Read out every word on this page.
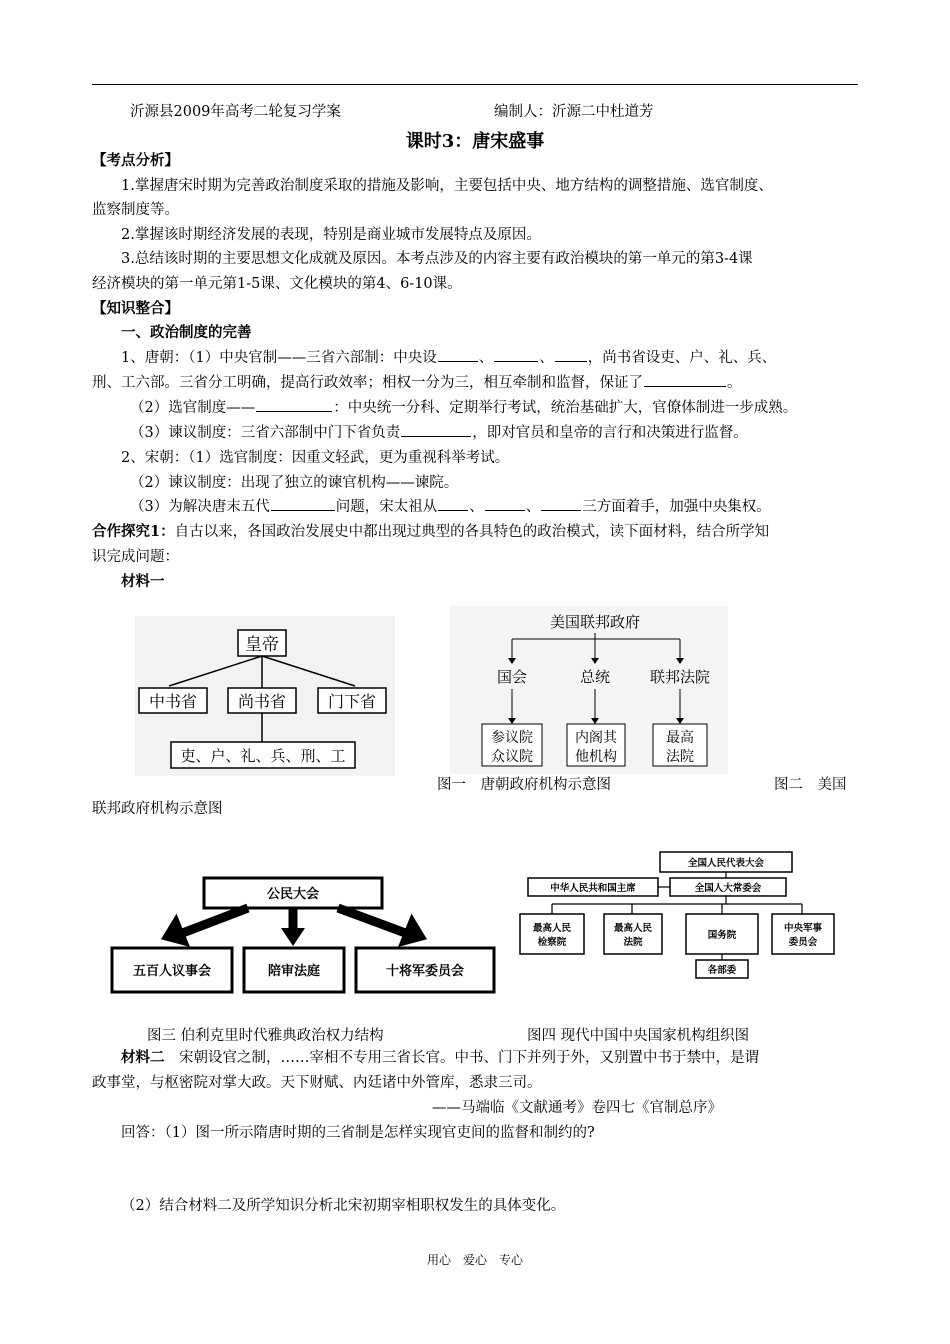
沂源县2009年高考二轮复习学案	编制人：沂源二中杜道芳
课时3：唐宋盛事
【考点分析】
1.掌握唐宋时期为完善政治制度采取的措施及影响，主要包括中央、地方结构的调整措施、选官制度、
监察制度等。
2.掌握该时期经济发展的表现，特别是商业城市发展特点及原因。
3.总结该时期的主要思想文化成就及原因。本考点涉及的内容主要有政治模块的第一单元的第3-4课
经济模块的第一单元第1-5课、文化模块的第4、6-10课。
【知识整合】
一、政治制度的完善
1、唐朝：（1）中央官制——三省六部制：中央设	、	、 ，尚书省设吏、户、礼、兵、
刑、工六部。三省分工明确，提高行政效率；相权一分为三，相互牵制和监督，保证了	。
（2）选官制度——	：中央统一分科、定期举行考试，统治基础扩大，官僚体制进一步成熟。
（3）谏议制度：三省六部制中门下省负责	，即对官员和皇帝的言行和决策进行监督。
2、宋朝：（1）选官制度：因重文轻武，更为重视科举考试。
（2）谏议制度：出现了独立的谏官机构——谏院。
（3）为解决唐末五代	问题，宋太祖从 、	、	三方面着手，加强中央集权。
合作探究1：自古以来，各国政治发展史中都出现过典型的各具特色的政治模式，读下面材料，结合所学知
识完成问题：
材料一
皇帝
中书省	尚书省	门下省
吏、户、礼、兵、刑、工
美国联邦政府
国会	总统	联邦法院
参议院
众议院
内阁其
他机构
最高
法院
图一　唐朝政府机构示意图	图二　美国
联邦政府机构示意图
公民大会
五百人议事会	陪审法庭	十将军委员会
全国人民代表大会
中华人民共和国主席	全国人大常委会
最高人民
检察院
最高人民
法院
国务院
中央军事
委员会
各部委
图三 伯利克里时代雅典政治权力结构	图四 现代中国中央国家机构组织图
材料二　宋朝设官之制，……宰相不专用三省长官。中书、门下并列于外，又别置中书于禁中，是谓
政事堂，与枢密院对掌大政。天下财赋、内廷诸中外管库，悉隶三司。
——马端临《文献通考》卷四七《官制总序》
回答：（1）图一所示隋唐时期的三省制是怎样实现官吏间的监督和制约的?
（2）结合材料二及所学知识分析北宋初期宰相职权发生的具体变化。
用心　爱心　专心
